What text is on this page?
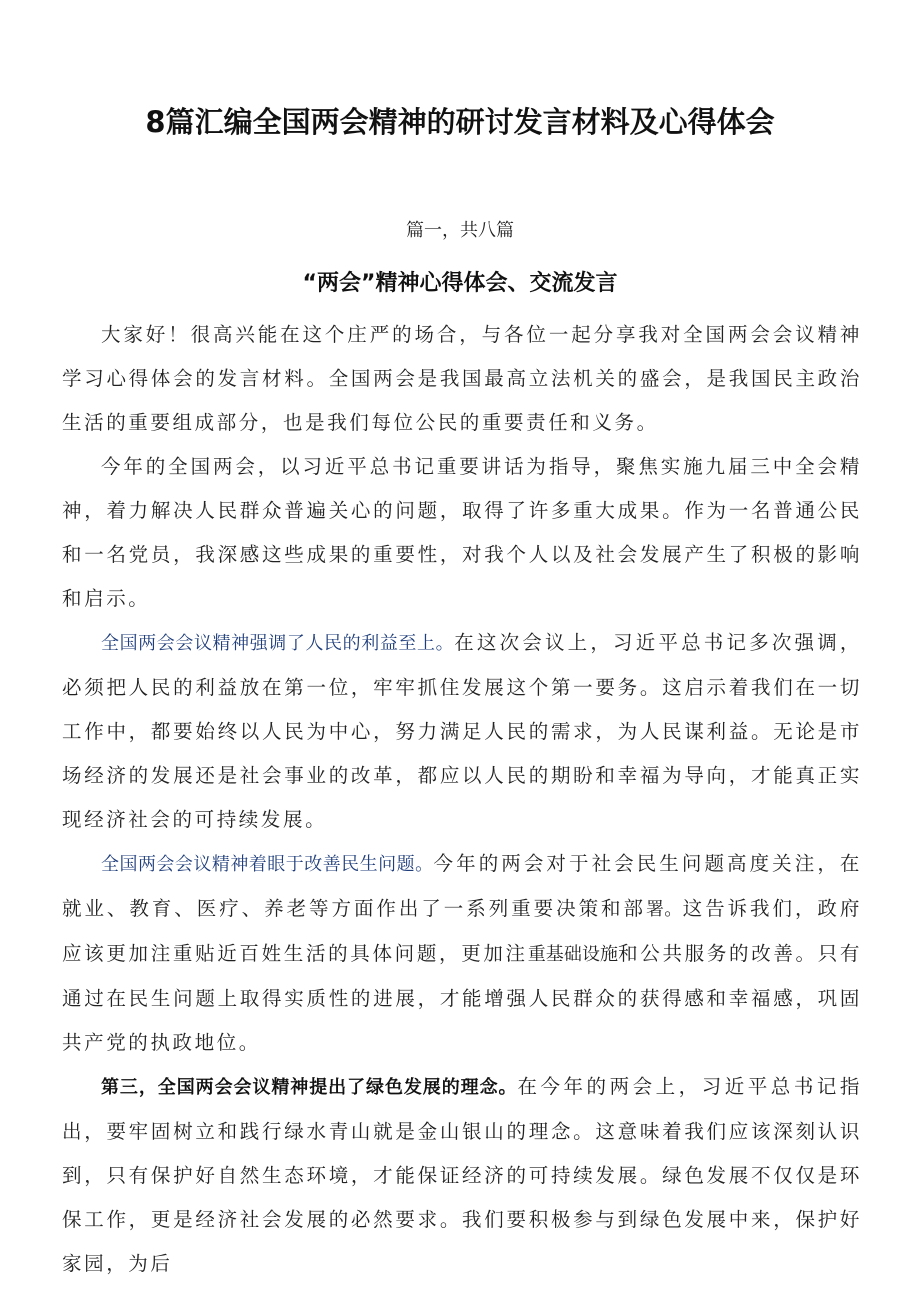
8篇汇编全国两会精神的研讨发言材料及心得体会
篇一，共八篇
“两会”精神心得体会、交流发言

大家好！很高兴能在这个庄严的场合，与各位一起分享我对全国两会会议精神学习心得体会的发言材料。全国两会是我国最高立法机关的盛会，是我国民主政治生活的重要组成部分，也是我们每位公民的重要责任和义务。

今年的全国两会，以习近平总书记重要讲话为指导，聚焦实施九届三中全会精神，着力解决人民群众普遍关心的问题，取得了许多重大成果。作为一名普通公民和一名党员，我深感这些成果的重要性，对我个人以及社会发展产生了积极的影响和启示。

全国两会会议精神强调了人民的利益至上。在这次会议上，习近平总书记多次强调，必须把人民的利益放在第一位，牢牢抓住发展这个第一要务。这启示着我们在一切工作中，都要始终以人民为中心，努力满足人民的需求，为人民谋利益。无论是市场经济的发展还是社会事业的改革，都应以人民的期盼和幸福为导向，才能真正实现经济社会的可持续发展。

全国两会会议精神着眼于改善民生问题。今年的两会对于社会民生问题高度关注，在就业、教育、医疗、养老等方面作出了一系列重要决策和部署。这告诉我们，政府应该更加注重贴近百姓生活的具体问题，更加注重基础设施和公共服务的改善。只有通过在民生问题上取得实质性的进展，才能增强人民群众的获得感和幸福感，巩固共产党的执政地位。

第三，全国两会会议精神提出了绿色发展的理念。在今年的两会上，习近平总书记指出，要牢固树立和践行绿水青山就是金山银山的理念。这意味着我们应该深刻认识到，只有保护好自然生态环境，才能保证经济的可持续发展。绿色发展不仅仅是环保工作，更是经济社会发展的必然要求。我们要积极参与到绿色发展中来，保护好家园，为后
